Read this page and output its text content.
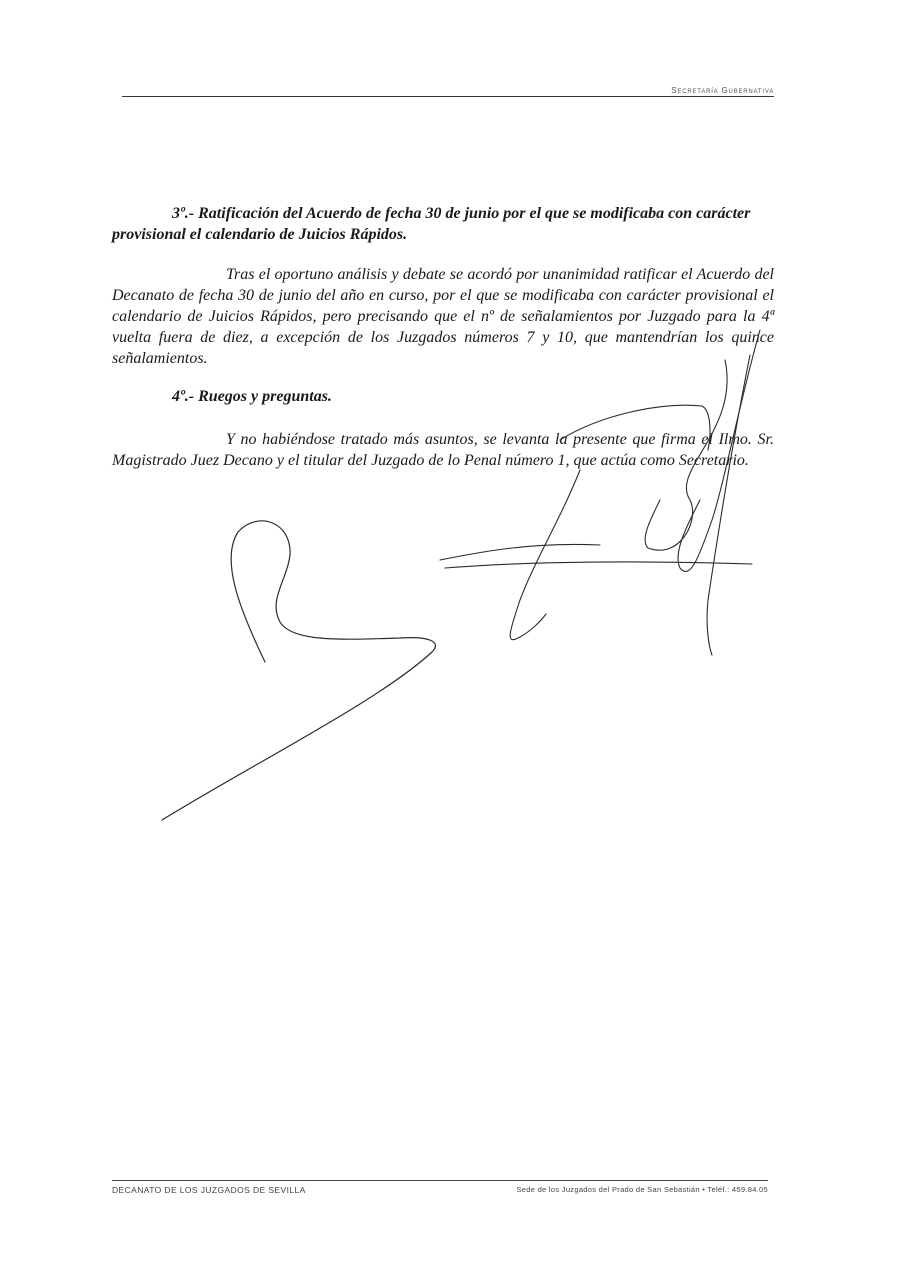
Secretaría Gubernativa

3º.- Ratificación del Acuerdo de fecha 30 de junio por el que se modificaba con carácter provisional el calendario de Juicios Rápidos.

Tras el oportuno análisis y debate se acordó por unanimidad ratificar el Acuerdo del Decanato de fecha 30 de junio del año en curso, por el que se modificaba con carácter provisional el calendario de Juicios Rápidos, pero precisando que el nº de señalamientos por Juzgado para la 4ª vuelta fuera de diez, a excepción de los Juzgados números 7 y 10, que mantendrían los quince señalamientos.

4º.- Ruegos y preguntas.

Y no habiéndose tratado más asuntos, se levanta la presente que firma el Ilmo. Sr. Magistrado Juez Decano y el titular del Juzgado de lo Penal número 1, que actúa como Secretario.

DECANATO DE LOS JUZGADOS DE SEVILLA	Sede de los Juzgados del Prado de San Sebastián • Teléf.: 459.84.05
